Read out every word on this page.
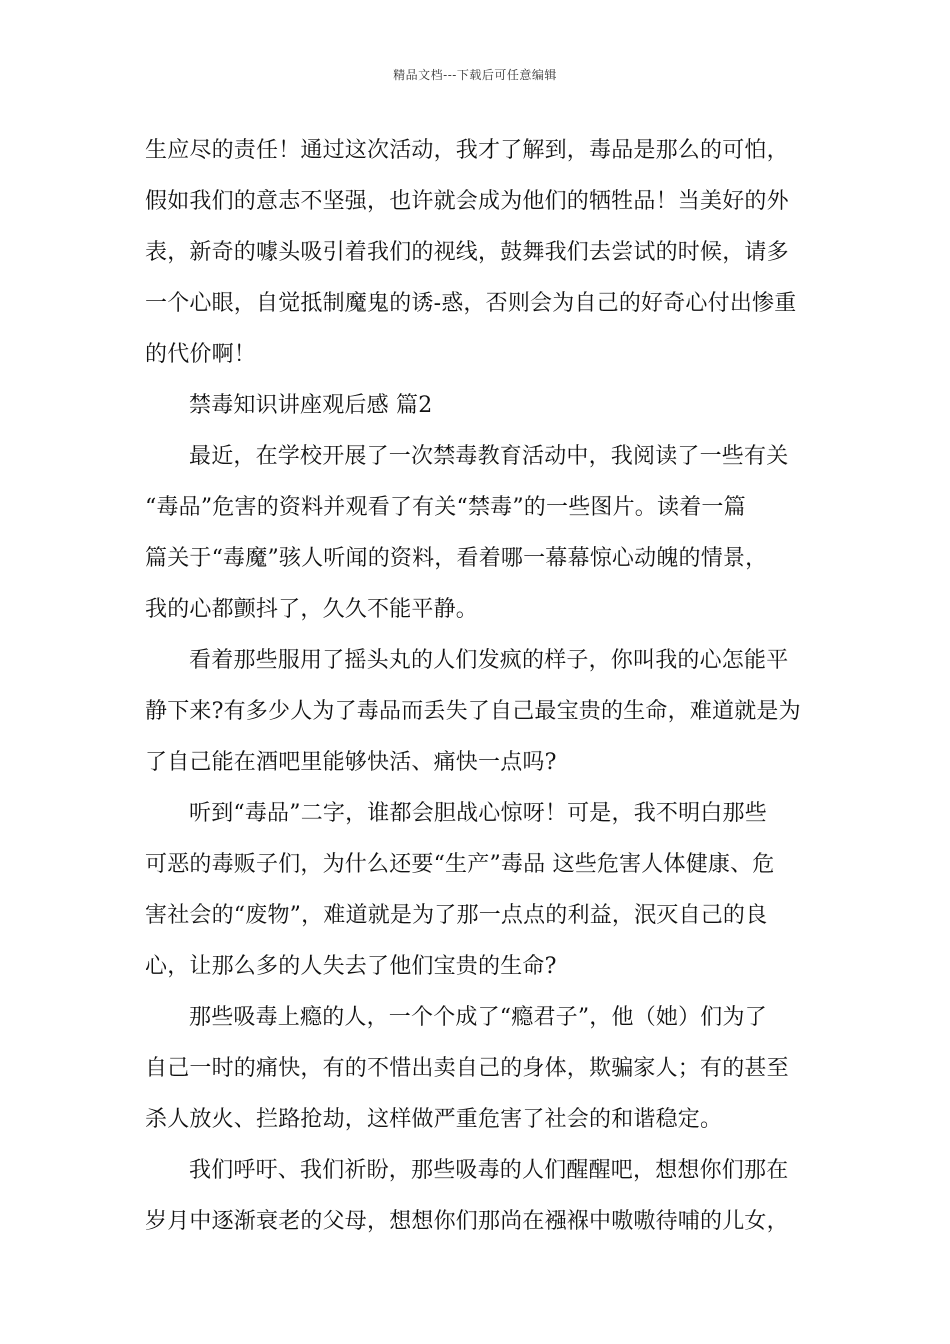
精品文档---下载后可任意编辑
生应尽的责任！通过这次活动，我才了解到，毒品是那么的可怕，
假如我们的意志不坚强，也许就会成为他们的牺牲品！当美好的外
表，新奇的噱头吸引着我们的视线，鼓舞我们去尝试的时候，请多
一个心眼，自觉抵制魔鬼的诱-惑，否则会为自己的好奇心付出惨重
的代价啊！
禁毒知识讲座观后感 篇2
最近，在学校开展了一次禁毒教育活动中，我阅读了一些有关
“毒品”危害的资料并观看了有关“禁毒”的一些图片。读着一篇
篇关于“毒魔”骇人听闻的资料，看着哪一幕幕惊心动魄的情景，
我的心都颤抖了，久久不能平静。
看着那些服用了摇头丸的人们发疯的样子，你叫我的心怎能平
静下来?有多少人为了毒品而丢失了自己最宝贵的生命，难道就是为
了自己能在酒吧里能够快活、痛快一点吗?
听到“毒品”二字，谁都会胆战心惊呀！可是，我不明白那些
可恶的毒贩子们，为什么还要“生产”毒品 这些危害人体健康、危
害社会的“废物”，难道就是为了那一点点的利益，泯灭自己的良
心，让那么多的人失去了他们宝贵的生命?
那些吸毒上瘾的人，一个个成了“瘾君子”，他（她）们为了
自己一时的痛快，有的不惜出卖自己的身体，欺骗家人；有的甚至
杀人放火、拦路抢劫，这样做严重危害了社会的和谐稳定。
我们呼吁、我们祈盼，那些吸毒的人们醒醒吧，想想你们那在
岁月中逐渐衰老的父母，想想你们那尚在襁褓中嗷嗷待哺的儿女，
